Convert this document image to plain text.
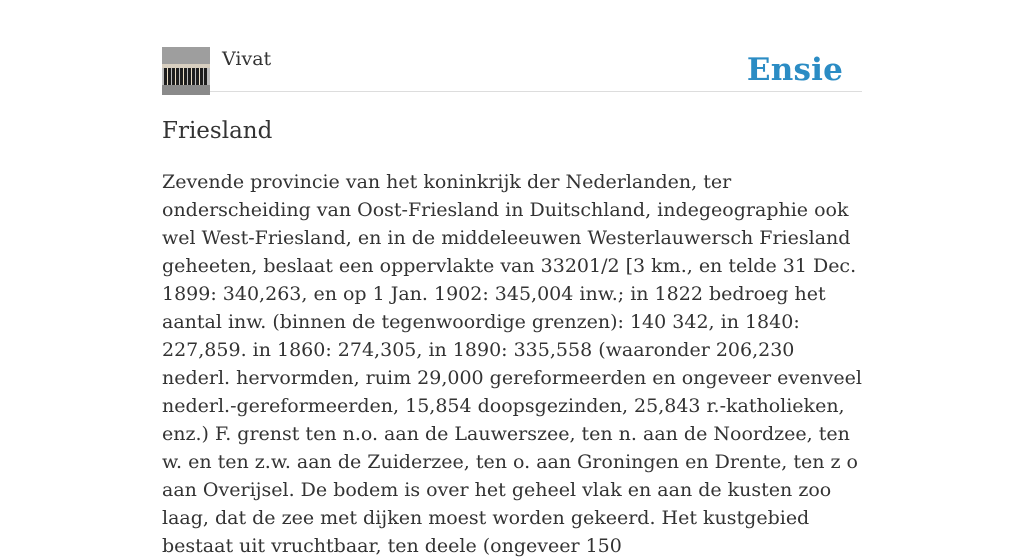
Vivat	Ensie
Friesland

Zevende provincie van het koninkrijk der Nederlanden, ter onderscheiding van Oost-Friesland in Duitschland, indegeographie ook wel West-Friesland, en in de middeleeuwen Westerlauwersch Friesland geheeten, beslaat een oppervlakte van 33201/2 [3 km., en telde 31 Dec. 1899: 340,263, en op 1 Jan. 1902: 345,004 inw.; in 1822 bedroeg het aantal inw. (binnen de tegenwoordige grenzen): 140 342, in 1840: 227,859. in 1860: 274,305, in 1890: 335,558 (waaronder 206,230 nederl. hervormden, ruim 29,000 gereformeerden en ongeveer evenveel nederl.-gereformeerden, 15,854 doopsgezinden, 25,843 r.-katholieken, enz.) F. grenst ten n.o. aan de Lauwerszee, ten n. aan de Noordzee, ten w. en ten z.w. aan de Zuiderzee, ten o. aan Groningen en Drente, ten z o aan Overijsel. De bodem is over het geheel vlak en aan de kusten zoo laag, dat de zee met dijken moest worden gekeerd. Het kustgebied bestaat uit vruchtbaar, ten deele (ongeveer 150
